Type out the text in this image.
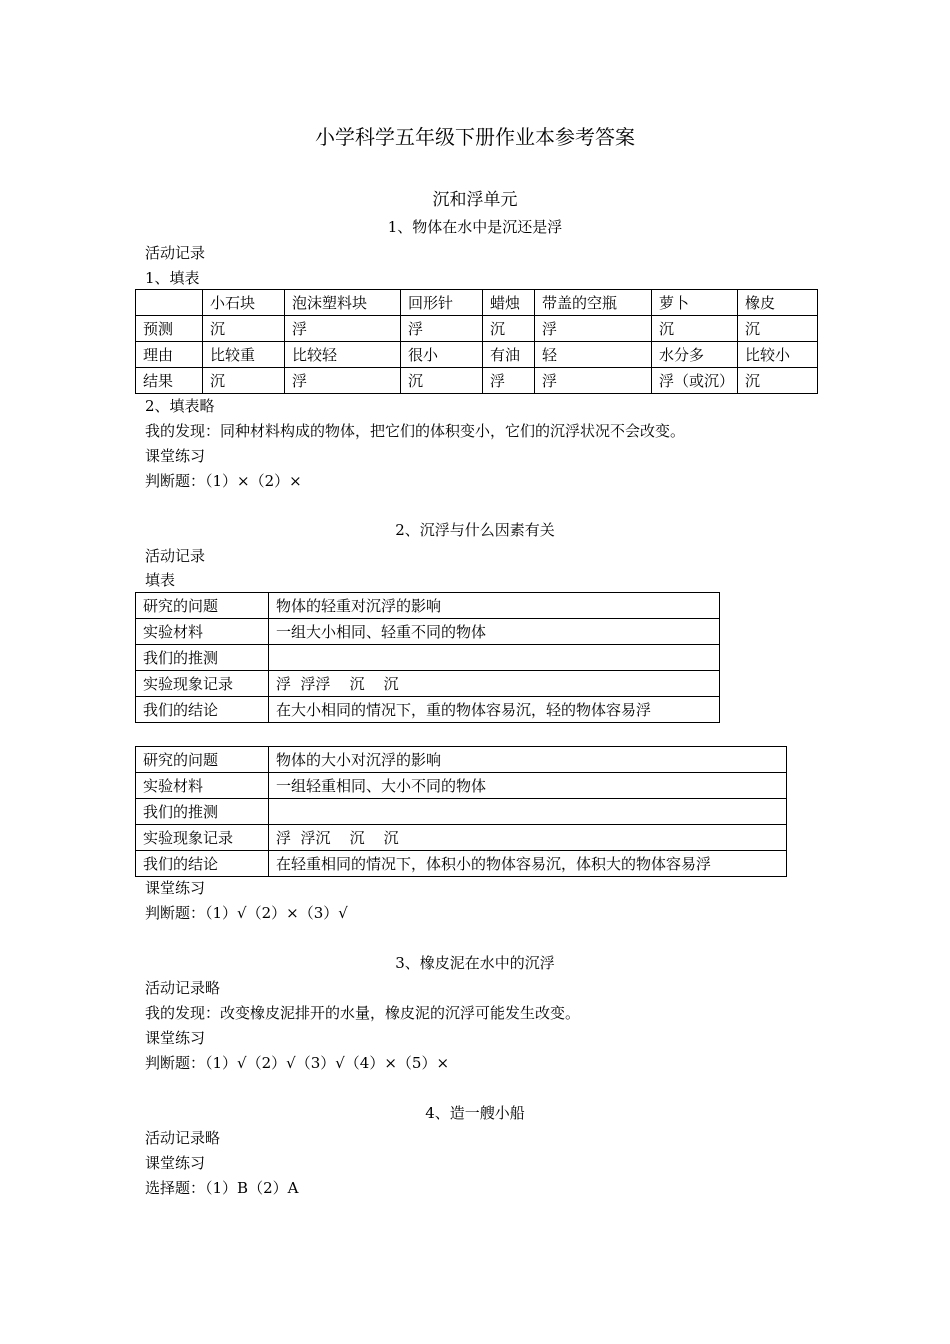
小学科学五年级下册作业本参考答案
沉和浮单元
1、物体在水中是沉还是浮
活动记录
1、填表
	小石块	泡沫塑料块	回形针	蜡烛	带盖的空瓶	萝卜	橡皮
预测	沉	浮	浮	沉	浮	沉	沉
理由	比较重	比较轻	很小	有油	轻	水分多	比较小
结果	沉	浮	沉	浮	浮	浮（或沉）	沉
2、填表略
我的发现：同种材料构成的物体，把它们的体积变小，它们的沉浮状况不会改变。
课堂练习
判断题：（1）×（2）×
2、沉浮与什么因素有关
活动记录
填表
研究的问题	物体的轻重对沉浮的影响
实验材料	一组大小相同、轻重不同的物体
我们的推测	
实验现象记录	浮  浮浮    沉    沉
我们的结论	在大小相同的情况下，重的物体容易沉，轻的物体容易浮
研究的问题	物体的大小对沉浮的影响
实验材料	一组轻重相同、大小不同的物体
我们的推测	
实验现象记录	浮  浮沉    沉    沉
我们的结论	在轻重相同的情况下，体积小的物体容易沉，体积大的物体容易浮
课堂练习
判断题：（1）√（2）×（3）√
3、橡皮泥在水中的沉浮
活动记录略
我的发现：改变橡皮泥排开的水量，橡皮泥的沉浮可能发生改变。
课堂练习
判断题：（1）√（2）√（3）√（4）×（5）×
4、造一艘小船
活动记录略
课堂练习
选择题：（1）B（2）A
